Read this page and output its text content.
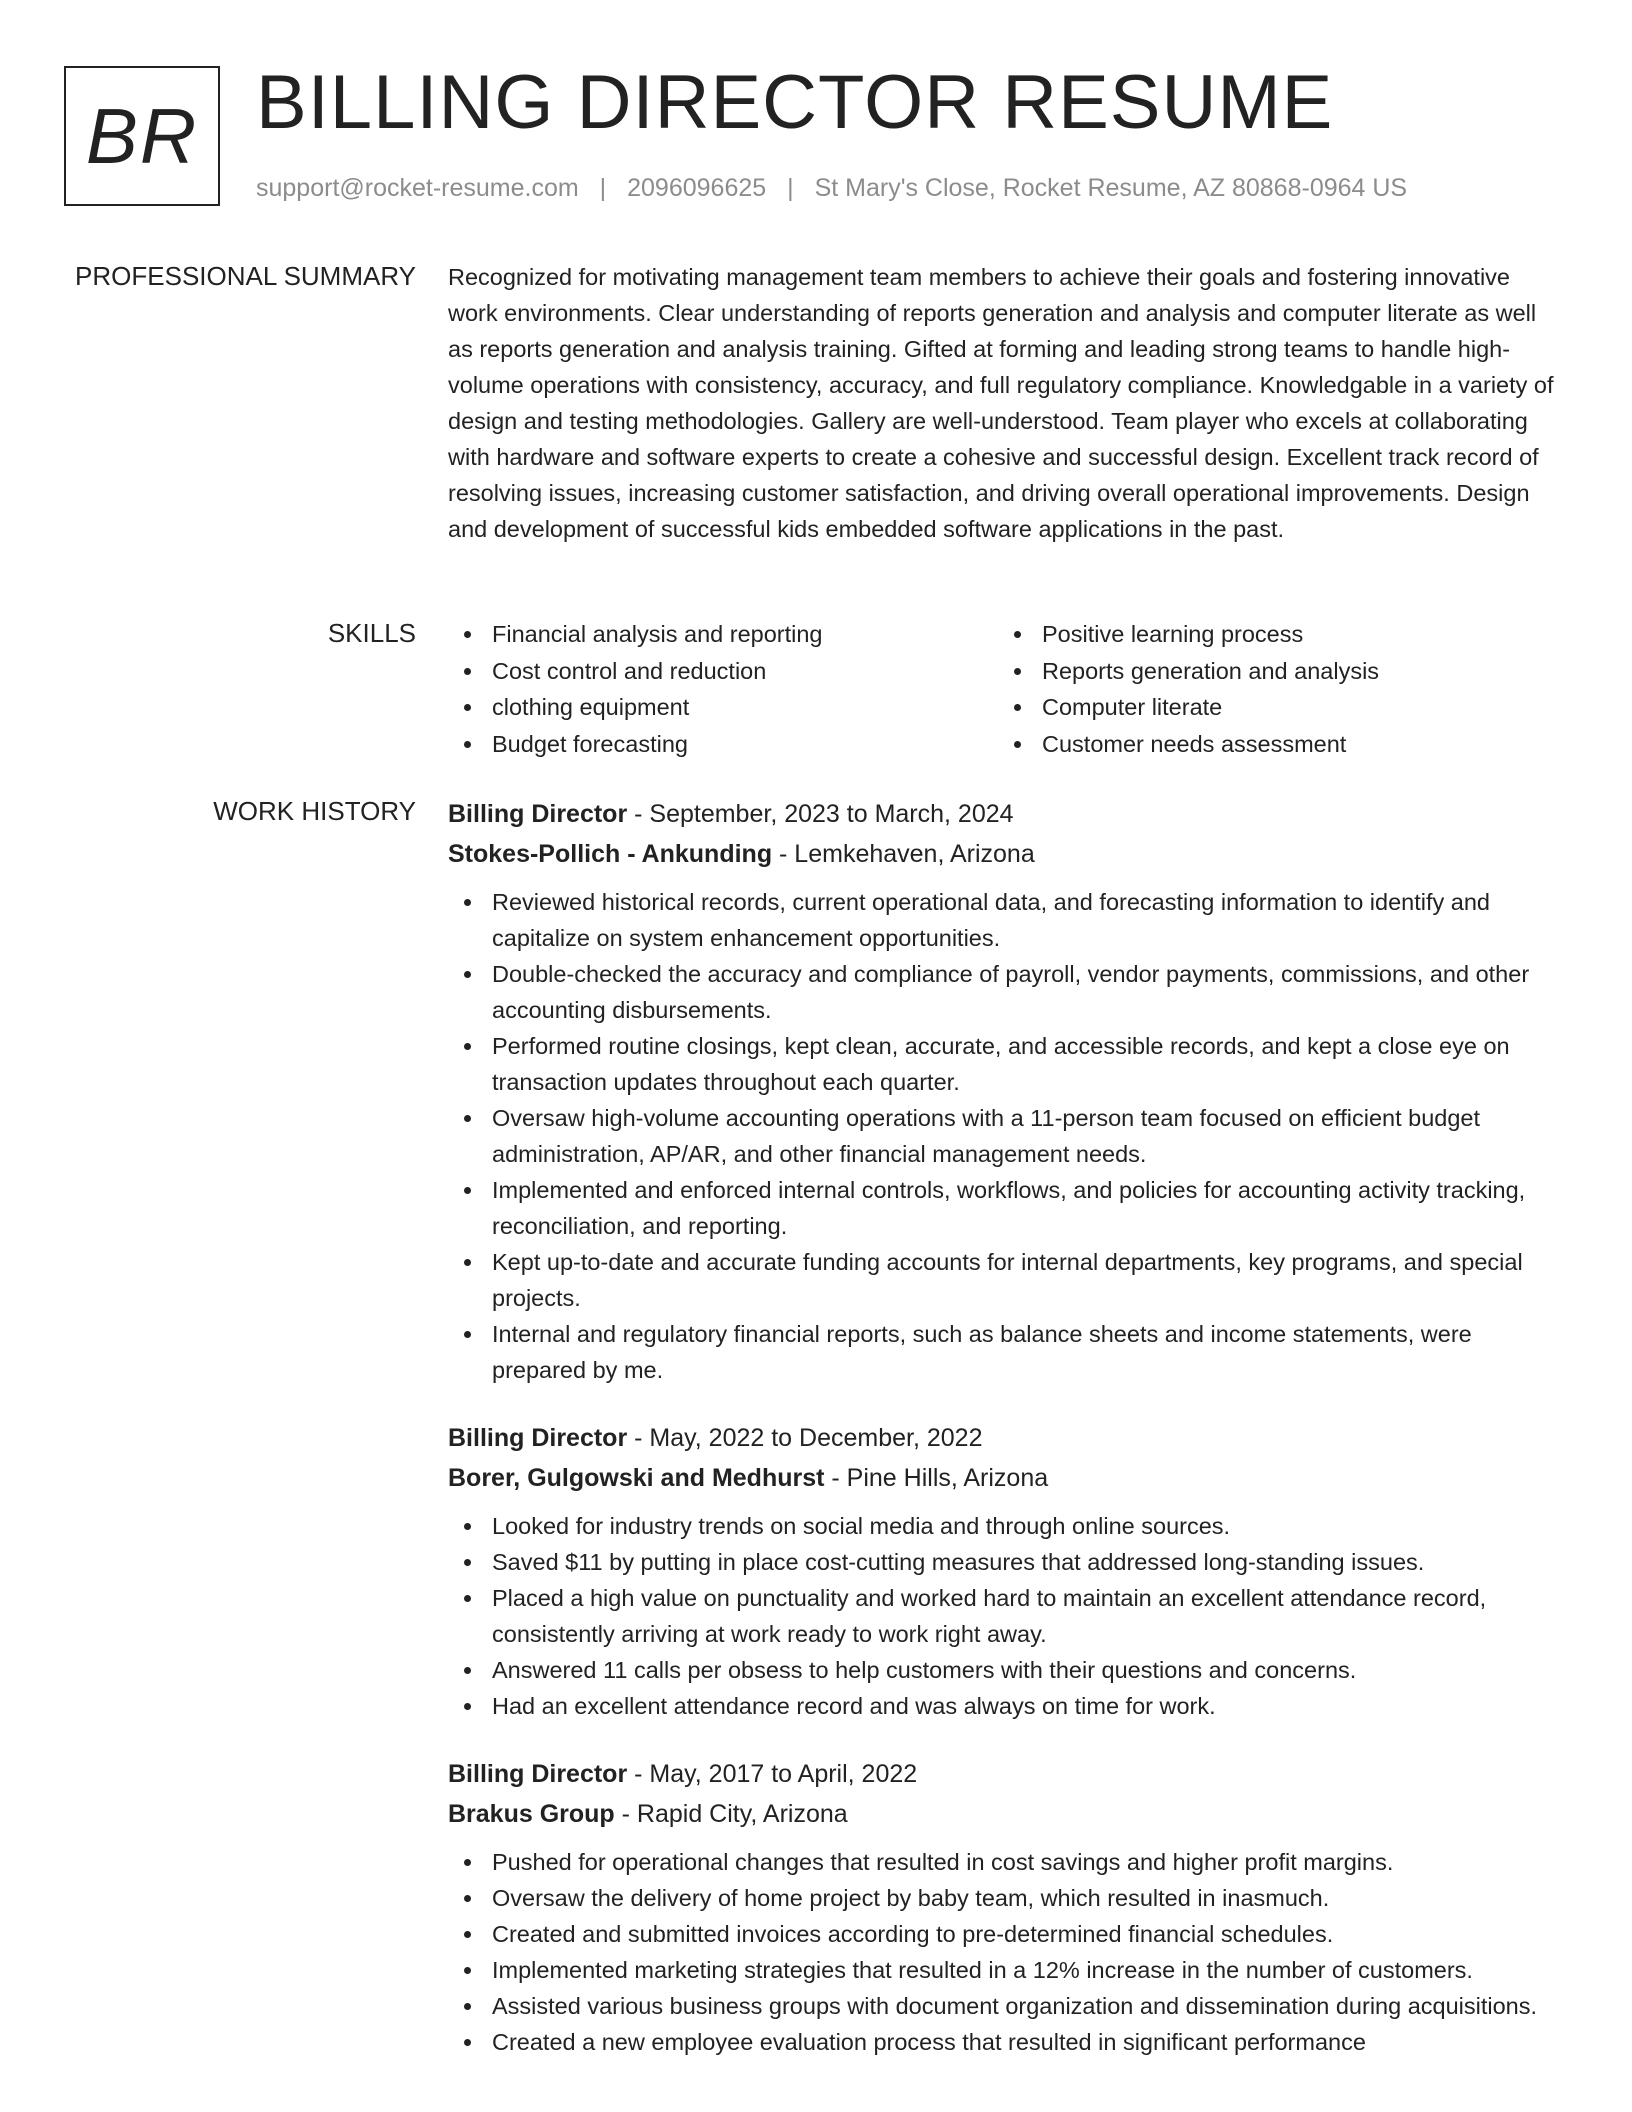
BR BILLING DIRECTOR RESUME
support@rocket-resume.com | 2096096625 | St Mary's Close, Rocket Resume, AZ 80868-0964 US
PROFESSIONAL SUMMARY Recognized for motivating management team members to achieve their goals and fostering innovative work environments. Clear understanding of reports generation and analysis and computer literate as well as reports generation and analysis training. Gifted at forming and leading strong teams to handle high-volume operations with consistency, accuracy, and full regulatory compliance. Knowledgable in a variety of design and testing methodologies. Gallery are well-understood. Team player who excels at collaborating with hardware and software experts to create a cohesive and successful design. Excellent track record of resolving issues, increasing customer satisfaction, and driving overall operational improvements. Design and development of successful kids embedded software applications in the past.

SKILLS	Financial analysis and reporting
Cost control and reduction
clothing equipment
Budget forecasting
Positive learning process
Reports generation and analysis
Computer literate
Customer needs assessment
WORK HISTORY Billing Director - September, 2023 to March, 2024
Stokes-Pollich - Ankunding - Lemkehaven, Arizona
Reviewed historical records, current operational data, and forecasting information to identify and capitalize on system enhancement opportunities.
Double-checked the accuracy and compliance of payroll, vendor payments, commissions, and other accounting disbursements.
Performed routine closings, kept clean, accurate, and accessible records, and kept a close eye on transaction updates throughout each quarter.
Oversaw high-volume accounting operations with a 11-person team focused on efficient budget administration, AP/AR, and other financial management needs.
Implemented and enforced internal controls, workflows, and policies for accounting activity tracking, reconciliation, and reporting.
Kept up-to-date and accurate funding accounts for internal departments, key programs, and special projects.
Internal and regulatory financial reports, such as balance sheets and income statements, were prepared by me.
Billing Director - May, 2022 to December, 2022
Borer, Gulgowski and Medhurst - Pine Hills, Arizona
Looked for industry trends on social media and through online sources.
Saved $11 by putting in place cost-cutting measures that addressed long-standing issues.
Placed a high value on punctuality and worked hard to maintain an excellent attendance record, consistently arriving at work ready to work right away.
Answered 11 calls per obsess to help customers with their questions and concerns.
Had an excellent attendance record and was always on time for work.
Billing Director - May, 2017 to April, 2022
Brakus Group - Rapid City, Arizona
Pushed for operational changes that resulted in cost savings and higher profit margins.
Oversaw the delivery of home project by baby team, which resulted in inasmuch.
Created and submitted invoices according to pre-determined financial schedules.
Implemented marketing strategies that resulted in a 12% increase in the number of customers.
Assisted various business groups with document organization and dissemination during acquisitions.
Created a new employee evaluation process that resulted in significant performance
